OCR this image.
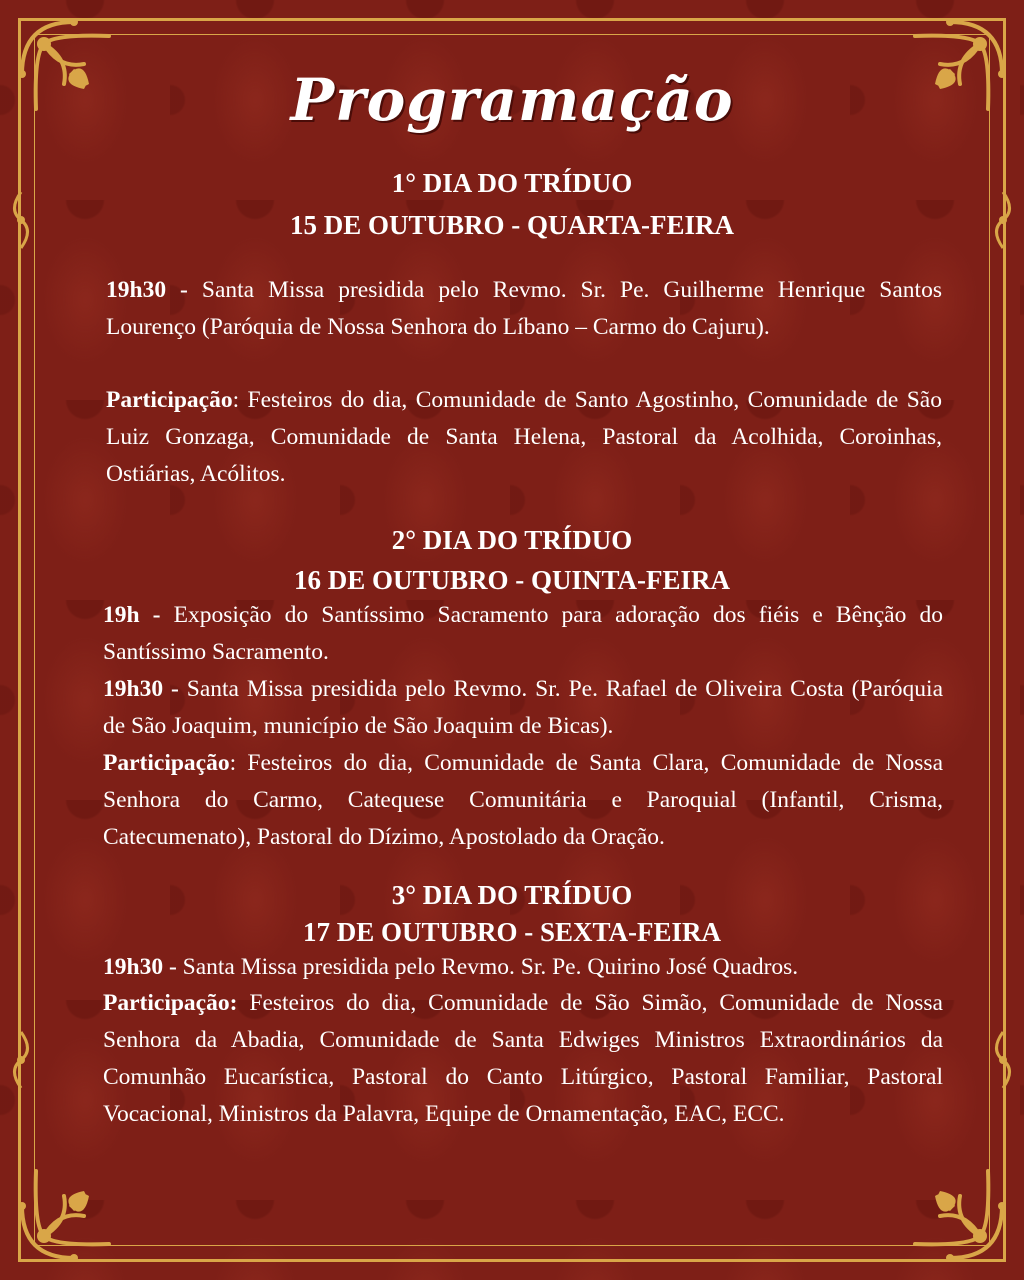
Programação
1° DIA DO TRÍDUO
15 DE OUTUBRO - QUARTA-FEIRA
19h30 - Santa Missa presidida pelo Revmo. Sr. Pe. Guilherme Henrique Santos Lourenço (Paróquia de Nossa Senhora do Líbano – Carmo do Cajuru).
Participação: Festeiros do dia, Comunidade de Santo Agostinho, Comunidade de São Luiz Gonzaga, Comunidade de Santa Helena, Pastoral da Acolhida, Coroinhas, Ostiárias, Acólitos.
2° DIA DO TRÍDUO
16 DE OUTUBRO - QUINTA-FEIRA
19h - Exposição do Santíssimo Sacramento para adoração dos fiéis e Bênção do Santíssimo Sacramento.
19h30 - Santa Missa presidida pelo Revmo. Sr. Pe. Rafael de Oliveira Costa (Paróquia de São Joaquim, município de São Joaquim de Bicas).
Participação: Festeiros do dia, Comunidade de Santa Clara, Comunidade de Nossa Senhora do Carmo, Catequese Comunitária e Paroquial (Infantil, Crisma, Catecumenato), Pastoral do Dízimo, Apostolado da Oração.
3° DIA DO TRÍDUO
17 DE OUTUBRO - SEXTA-FEIRA
19h30 - Santa Missa presidida pelo Revmo. Sr. Pe. Quirino José Quadros.
Participação: Festeiros do dia, Comunidade de São Simão, Comunidade de Nossa Senhora da Abadia, Comunidade de Santa Edwiges Ministros Extraordinários da Comunhão Eucarística, Pastoral do Canto Litúrgico, Pastoral Familiar, Pastoral Vocacional, Ministros da Palavra, Equipe de Ornamentação, EAC, ECC.
